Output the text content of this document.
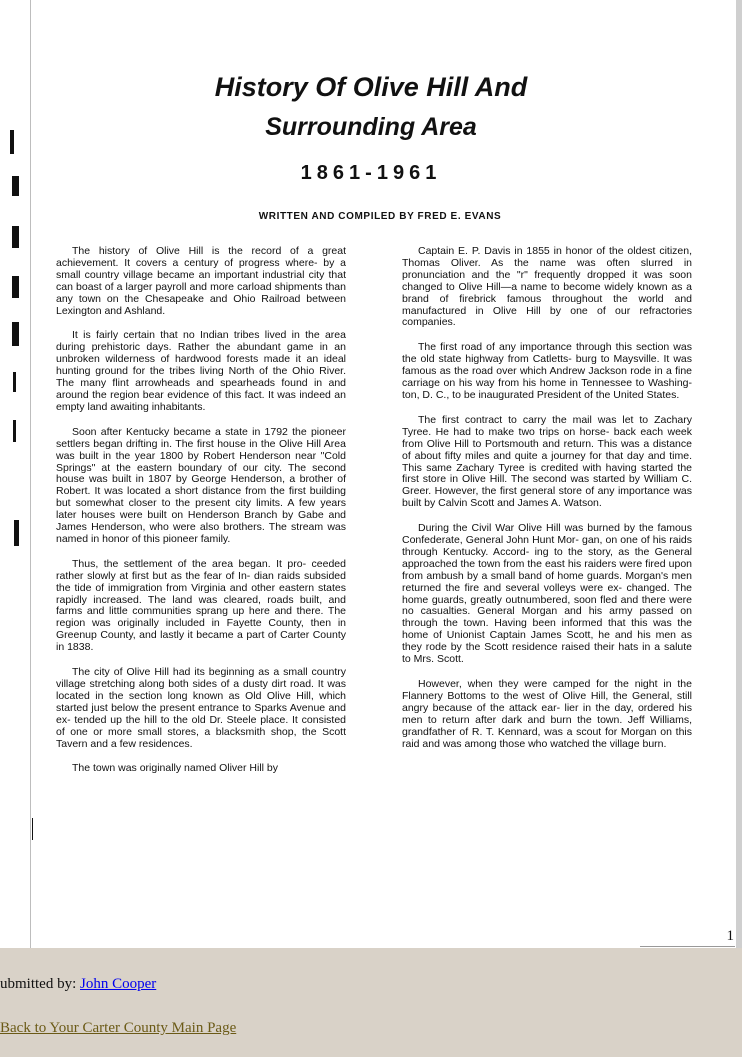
History Of Olive Hill And
Surrounding Area
1861-1961
WRITTEN AND COMPILED BY FRED E. EVANS

The history of Olive Hill is the record of a great achievement. It covers a century of progress where- by a small country village became an important industrial city that can boast of a larger payroll and more carload shipments than any town on the Chesapeake and Ohio Railroad between Lexington and Ashland.

It is fairly certain that no Indian tribes lived in the area during prehistoric days. Rather the abundant game in an unbroken wilderness of hardwood forests made it an ideal hunting ground for the tribes living North of the Ohio River. The many flint arrowheads and spearheads found in and around the region bear evidence of this fact. It was indeed an empty land awaiting inhabitants.

Soon after Kentucky became a state in 1792 the pioneer settlers began drifting in. The first house in the Olive Hill Area was built in the year 1800 by Robert Henderson near "Cold Springs" at the eastern boundary of our city. The second house was built in 1807 by George Henderson, a brother of Robert. It was located a short distance from the first building but somewhat closer to the present city limits. A few years later houses were built on Henderson Branch by Gabe and James Henderson, who were also brothers. The stream was named in honor of this pioneer family.

Thus, the settlement of the area began. It pro- ceeded rather slowly at first but as the fear of In- dian raids subsided the tide of immigration from Virginia and other eastern states rapidly increased. The land was cleared, roads built, and farms and little communities sprang up here and there. The region was originally included in Fayette County, then in Greenup County, and lastly it became a part of Carter County in 1838.

The city of Olive Hill had its beginning as a small country village stretching along both sides of a dusty dirt road. It was located in the section long known as Old Olive Hill, which started just below the present entrance to Sparks Avenue and ex- tended up the hill to the old Dr. Steele place. It consisted of one or more small stores, a blacksmith shop, the Scott Tavern and a few residences.

The town was originally named Oliver Hill by

Captain E. P. Davis in 1855 in honor of the oldest citizen, Thomas Oliver. As the name was often slurred in pronunciation and the "r" frequently dropped it was soon changed to Olive Hill—a name to become widely known as a brand of firebrick famous throughout the world and manufactured in Olive Hill by one of our refractories companies.

The first road of any importance through this section was the old state highway from Catletts- burg to Maysville. It was famous as the road over which Andrew Jackson rode in a fine carriage on his way from his home in Tennessee to Washing- ton, D. C., to be inaugurated President of the United States.

The first contract to carry the mail was let to Zachary Tyree. He had to make two trips on horse- back each week from Olive Hill to Portsmouth and return. This was a distance of about fifty miles and quite a journey for that day and time. This same Zachary Tyree is credited with having started the first store in Olive Hill. The second was started by William C. Greer. However, the first general store of any importance was built by Calvin Scott and James A. Watson.

During the Civil War Olive Hill was burned by the famous Confederate, General John Hunt Mor- gan, on one of his raids through Kentucky. Accord- ing to the story, as the General approached the town from the east his raiders were fired upon from ambush by a small band of home guards. Morgan's men returned the fire and several volleys were ex- changed. The home guards, greatly outnumbered, soon fled and there were no casualties. General Morgan and his army passed on through the town. Having been informed that this was the home of Unionist Captain James Scott, he and his men as they rode by the Scott residence raised their hats in a salute to Mrs. Scott.

However, when they were camped for the night in the Flannery Bottoms to the west of Olive Hill, the General, still angry because of the attack ear- lier in the day, ordered his men to return after dark and burn the town. Jeff Williams, grandfather of R. T. Kennard, was a scout for Morgan on this raid and was among those who watched the village burn.

1
ubmitted by: John Cooper
Back to Your Carter County Main Page
